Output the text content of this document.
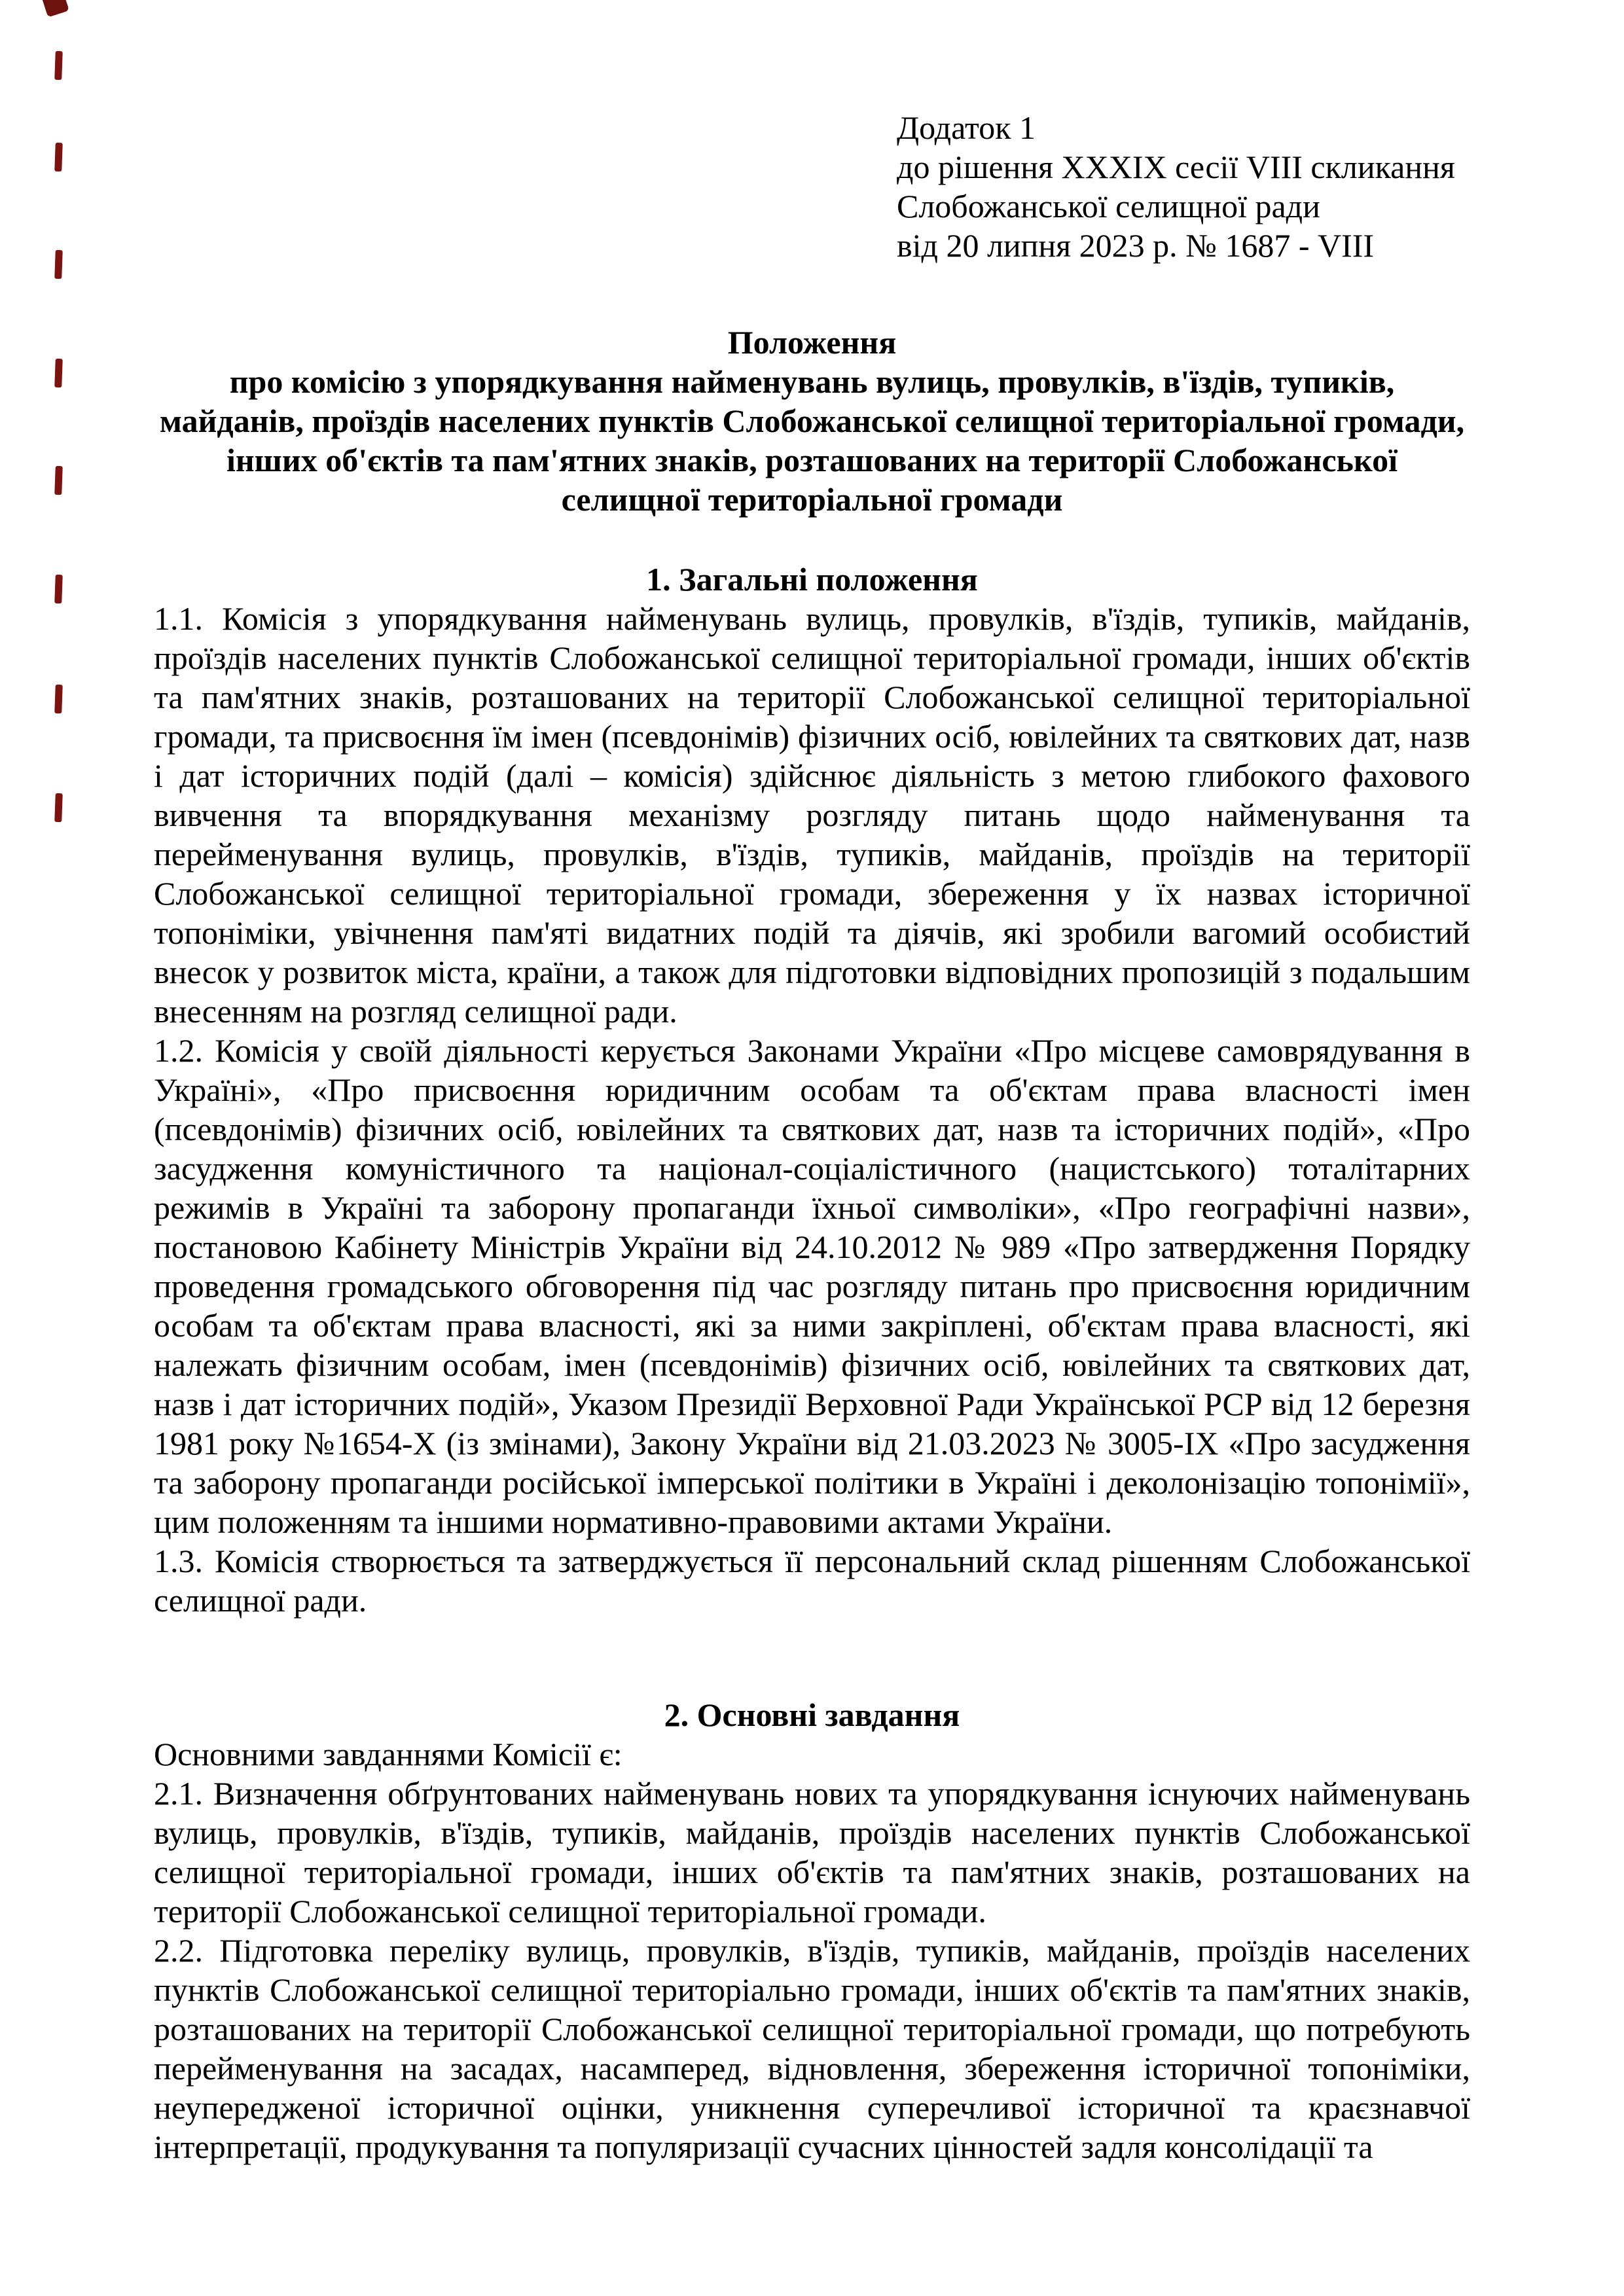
Додаток 1
до рішення XXXIX сесії VIII скликання
Слобожанської селищної ради
від 20 липня 2023 р. № 1687 - VIII
Положення
про комісію з упорядкування найменувань вулиць, провулків, в'їздів, тупиків, майданів, проїздів населених пунктів Слобожанської селищної територіальної громади, інших об'єктів та пам'ятних знаків, розташованих на території Слобожанської селищної територіальної громади
1. Загальні положення

1.1. Комісія з упорядкування найменувань вулиць, провулків, в'їздів, тупиків, майданів, проїздів населених пунктів Слобожанської селищної територіальної громади, інших об'єктів та пам'ятних знаків, розташованих на території Слобожанської селищної територіальної громади, та присвоєння їм імен (псевдонімів) фізичних осіб, ювілейних та святкових дат, назв і дат історичних подій (далі – комісія) здійснює діяльність з метою глибокого фахового вивчення та впорядкування механізму розгляду питань щодо найменування та перейменування вулиць, провулків, в'їздів, тупиків, майданів, проїздів на території Слобожанської селищної територіальної громади, збереження у їх назвах історичної топоніміки, увічнення пам'яті видатних подій та діячів, які зробили вагомий особистий внесок у розвиток міста, країни, а також для підготовки відповідних пропозицій з подальшим внесенням на розгляд селищної ради.

1.2. Комісія у своїй діяльності керується Законами України «Про місцеве самоврядування в Україні», «Про присвоєння юридичним особам та об'єктам права власності імен (псевдонімів) фізичних осіб, ювілейних та святкових дат, назв та історичних подій», «Про засудження комуністичного та націонал-соціалістичного (нацистського) тоталітарних режимів в Україні та заборону пропаганди їхньої символіки», «Про географічні назви», постановою Кабінету Міністрів України від 24.10.2012 № 989 «Про затвердження Порядку проведення громадського обговорення під час розгляду питань про присвоєння юридичним особам та об'єктам права власності, які за ними закріплені, об'єктам права власності, які належать фізичним особам, імен (псевдонімів) фізичних осіб, ювілейних та святкових дат, назв і дат історичних подій», Указом Президії Верховної Ради Української РСР від 12 березня 1981 року №1654-X (із змінами), Закону України від 21.03.2023 № 3005-IX «Про засудження та заборону пропаганди російської імперської політики в Україні і деколонізацію топонімії», цим положенням та іншими нормативно-правовими актами України.

1.3. Комісія створюється та затверджується її персональний склад рішенням Слобожанської селищної ради.

2. Основні завдання

Основними завданнями Комісії є:

2.1. Визначення обґрунтованих найменувань нових та упорядкування існуючих найменувань вулиць, провулків, в'їздів, тупиків, майданів, проїздів населених пунктів Слобожанської селищної територіальної громади, інших об'єктів та пам'ятних знаків, розташованих на території Слобожанської селищної територіальної громади.

2.2. Підготовка переліку вулиць, провулків, в'їздів, тупиків, майданів, проїздів населених пунктів Слобожанської селищної територіально громади, інших об'єктів та пам'ятних знаків, розташованих на території Слобожанської селищної територіальної громади, що потребують перейменування на засадах, насамперед, відновлення, збереження історичної топоніміки, неупередженої історичної оцінки, уникнення суперечливої історичної та краєзнавчої інтерпретації, продукування та популяризації сучасних цінностей задля консолідації та
